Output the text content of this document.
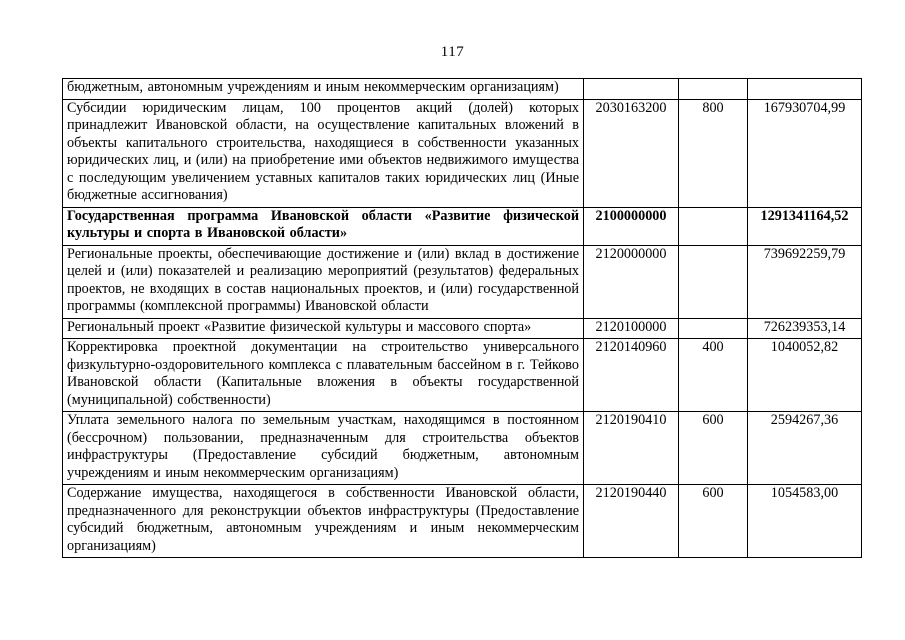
117
бюджетным, автономным учреждениям и иным некоммерческим организациям)			
Субсидии юридическим лицам, 100 процентов акций (долей) которых принадлежит Ивановской области, на осуществление капитальных вложений в объекты капитального строительства, находящиеся в собственности указанных юридических лиц, и (или) на приобретение ими объектов недвижимого имущества с последующим увеличением уставных капиталов таких юридических лиц (Иные бюджетные ассигнования)	2030163200	800	167930704,99
Государственная программа Ивановской области «Развитие физической культуры и спорта в Ивановской области»	2100000000		1291341164,52
Региональные проекты, обеспечивающие достижение и (или) вклад в достижение целей и (или) показателей и реализацию мероприятий (результатов) федеральных проектов, не входящих в состав национальных проектов, и (или) государственной программы (комплексной программы) Ивановской области	2120000000		739692259,79
Региональный проект «Развитие физической культуры и массового спорта»	2120100000		726239353,14
Корректировка проектной документации на строительство универсального физкультурно-оздоровительного комплекса с плавательным бассейном в г. Тейково Ивановской области (Капитальные вложения в объекты государственной (муниципальной) собственности)	2120140960	400	1040052,82
Уплата земельного налога по земельным участкам, находящимся в постоянном (бессрочном) пользовании, предназначенным для строительства объектов инфраструктуры (Предоставление субсидий бюджетным, автономным учреждениям и иным некоммерческим организациям)	2120190410	600	2594267,36
Содержание имущества, находящегося в собственности Ивановской области, предназначенного для реконструкции объектов инфраструктуры (Предоставление субсидий бюджетным, автономным учреждениям и иным некоммерческим организациям)	2120190440	600	1054583,00
